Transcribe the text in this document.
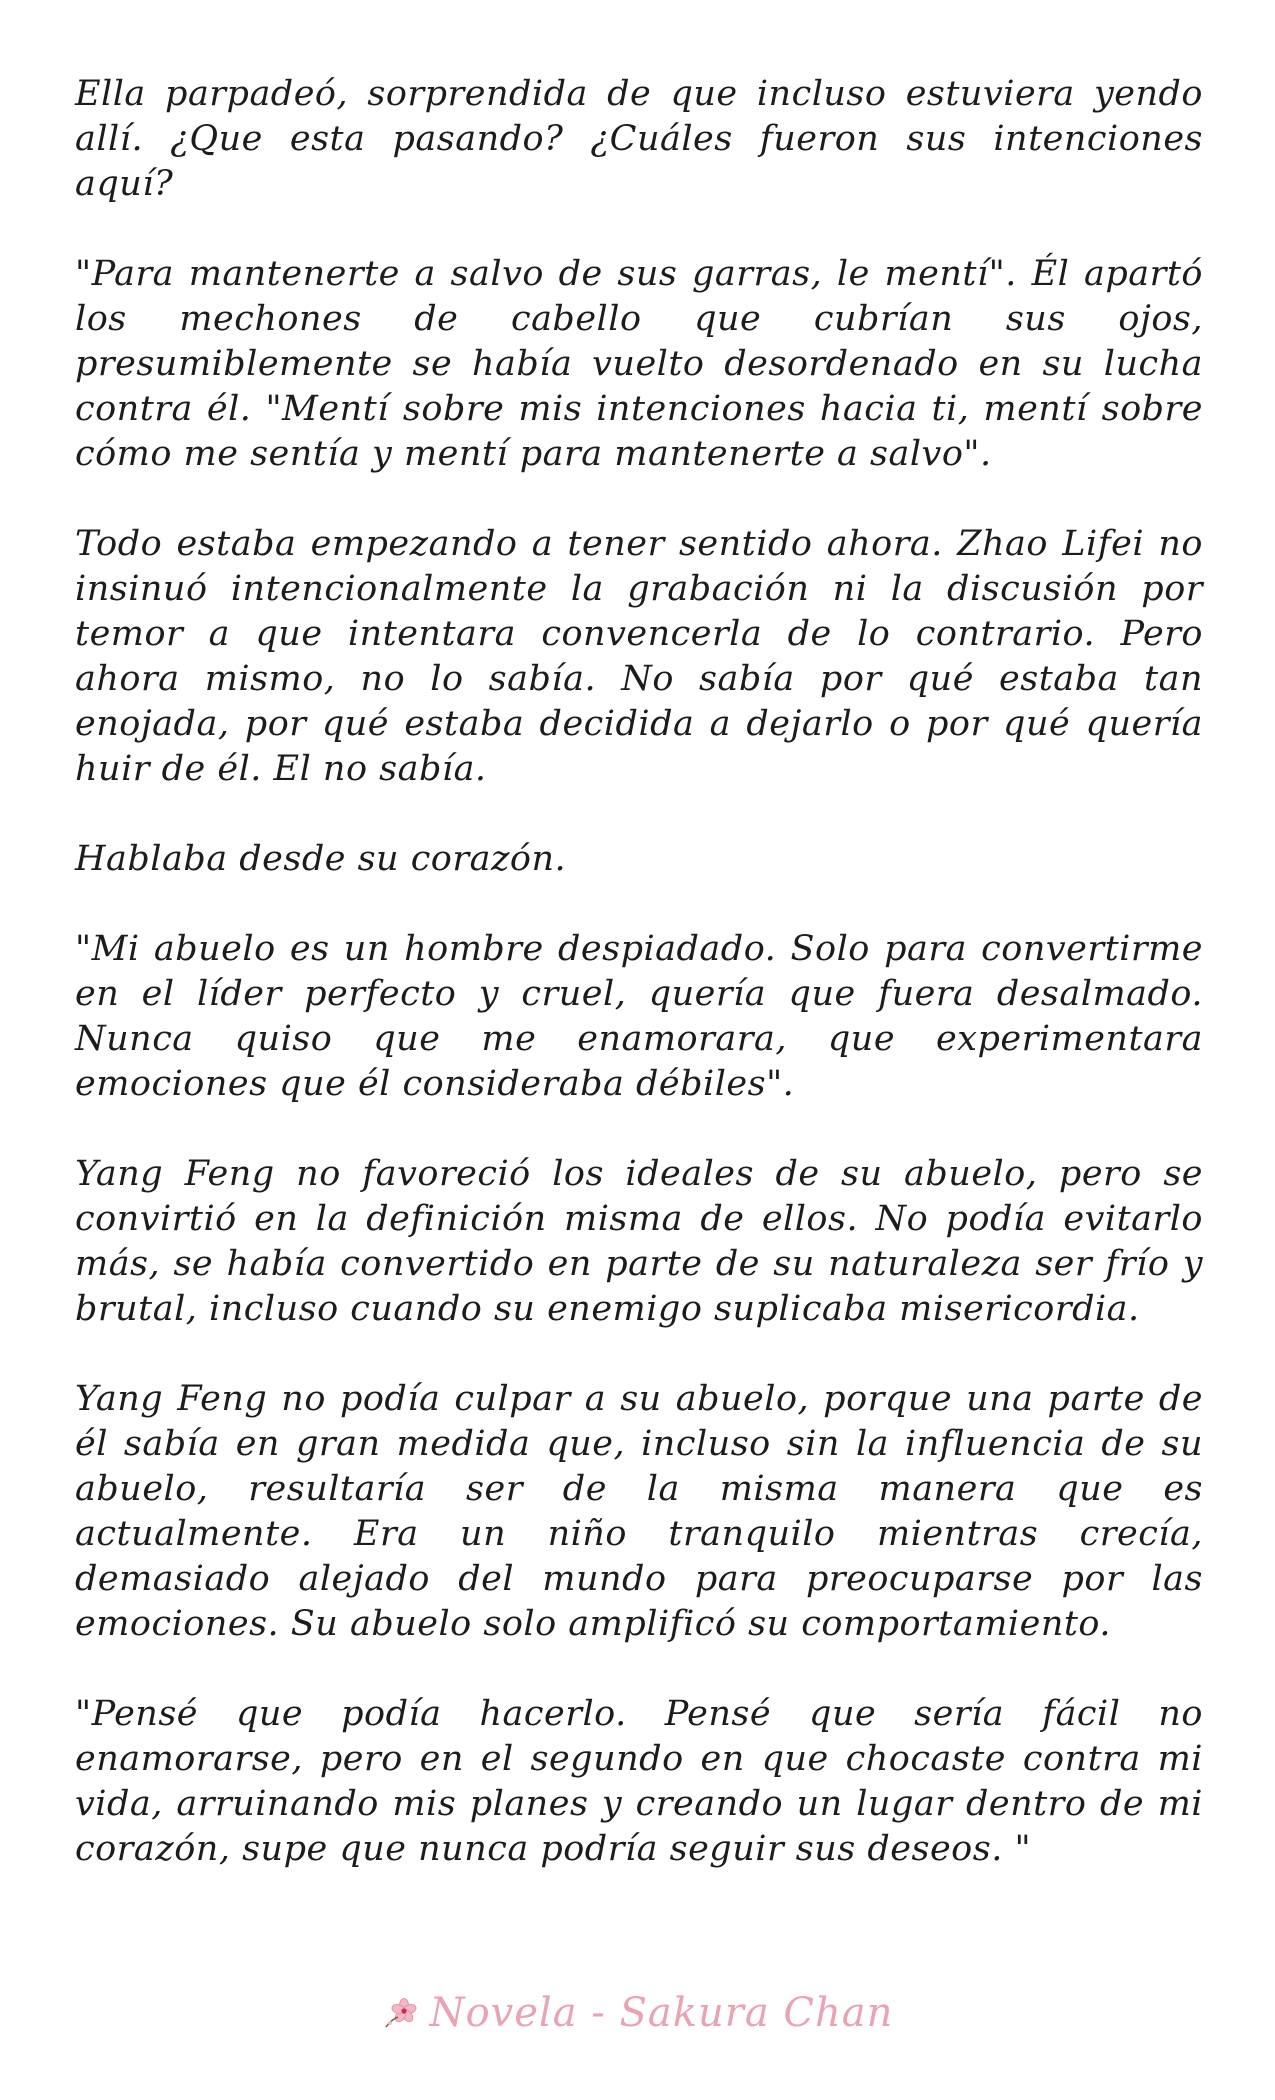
Ella parpadeó, sorprendida de que incluso estuviera yendo allí. ¿Que esta pasando? ¿Cuáles fueron sus intenciones aquí?

"Para mantenerte a salvo de sus garras, le mentí". Él apartó los mechones de cabello que cubrían sus ojos, presumiblemente se había vuelto desordenado en su lucha contra él. "Mentí sobre mis intenciones hacia ti, mentí sobre cómo me sentía y mentí para mantenerte a salvo".

Todo estaba empezando a tener sentido ahora. Zhao Lifei no insinuó intencionalmente la grabación ni la discusión por temor a que intentara convencerla de lo contrario. Pero ahora mismo, no lo sabía. No sabía por qué estaba tan enojada, por qué estaba decidida a dejarlo o por qué quería huir de él. El no sabía.

Hablaba desde su corazón.

"Mi abuelo es un hombre despiadado. Solo para convertirme en el líder perfecto y cruel, quería que fuera desalmado. Nunca quiso que me enamorara, que experimentara emociones que él consideraba débiles".

Yang Feng no favoreció los ideales de su abuelo, pero se convirtió en la definición misma de ellos. No podía evitarlo más, se había convertido en parte de su naturaleza ser frío y brutal, incluso cuando su enemigo suplicaba misericordia.

Yang Feng no podía culpar a su abuelo, porque una parte de él sabía en gran medida que, incluso sin la influencia de su abuelo, resultaría ser de la misma manera que es actualmente. Era un niño tranquilo mientras crecía, demasiado alejado del mundo para preocuparse por las emociones. Su abuelo solo amplificó su comportamiento.

"Pensé que podía hacerlo. Pensé que sería fácil no enamorarse, pero en el segundo en que chocaste contra mi vida, arruinando mis planes y creando un lugar dentro de mi corazón, supe que nunca podría seguir sus deseos. "

Novela - Sakura Chan
